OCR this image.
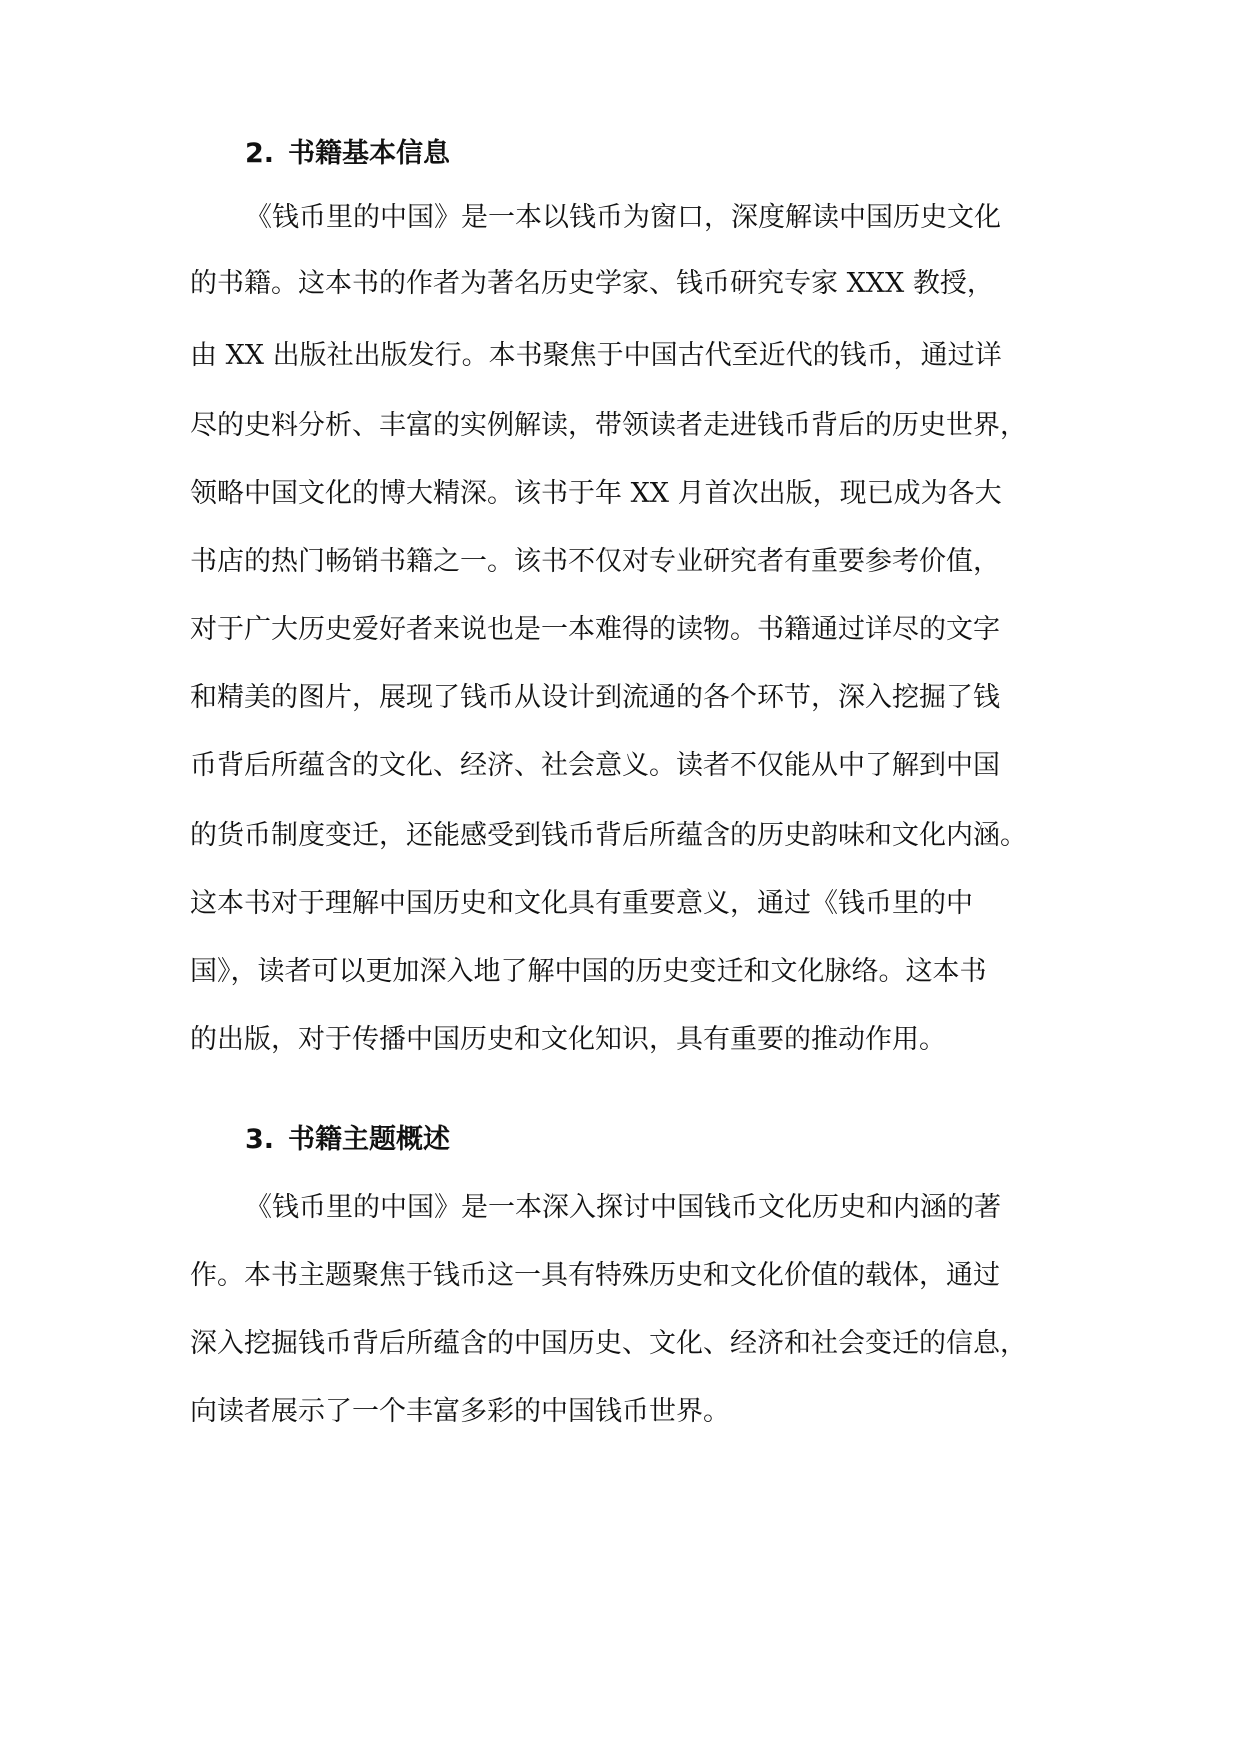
2. 书籍基本信息

《钱币里的中国》是一本以钱币为窗口，深度解读中国历史文化

的书籍。这本书的作者为著名历史学家、钱币研究专家 XXX 教授，

由 XX 出版社出版发行。本书聚焦于中国古代至近代的钱币，通过详

尽的史料分析、丰富的实例解读，带领读者走进钱币背后的历史世界，

领略中国文化的博大精深。该书于年 XX 月首次出版，现已成为各大

书店的热门畅销书籍之一。该书不仅对专业研究者有重要参考价值，

对于广大历史爱好者来说也是一本难得的读物。书籍通过详尽的文字

和精美的图片，展现了钱币从设计到流通的各个环节，深入挖掘了钱

币背后所蕴含的文化、经济、社会意义。读者不仅能从中了解到中国

的货币制度变迁，还能感受到钱币背后所蕴含的历史韵味和文化内涵。

这本书对于理解中国历史和文化具有重要意义，通过《钱币里的中

国》，读者可以更加深入地了解中国的历史变迁和文化脉络。这本书

的出版，对于传播中国历史和文化知识，具有重要的推动作用。

3. 书籍主题概述

《钱币里的中国》是一本深入探讨中国钱币文化历史和内涵的著

作。本书主题聚焦于钱币这一具有特殊历史和文化价值的载体，通过

深入挖掘钱币背后所蕴含的中国历史、文化、经济和社会变迁的信息，

向读者展示了一个丰富多彩的中国钱币世界。
